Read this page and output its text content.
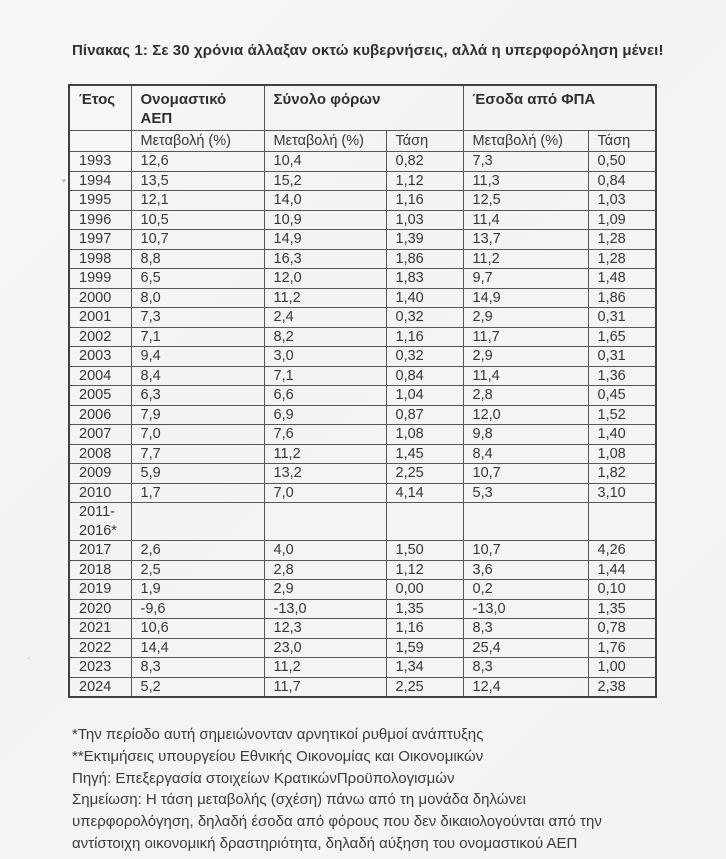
Πίνακας 1: Σε 30 χρόνια άλλαξαν οκτώ κυβερνήσεις, αλλά η υπερφορόληση μένει!
Έτος	Ονομαστικό ΑΕΠ	Σύνολο φόρων		Έσοδα από ΦΠΑ	
	Μεταβολή (%)	Μεταβολή (%)	Τάση	Μεταβολή (%)	Τάση
1993	12,6	10,4	0,82	7,3	0,50
1994	13,5	15,2	1,12	11,3	0,84
1995	12,1	14,0	1,16	12,5	1,03
1996	10,5	10,9	1,03	11,4	1,09
1997	10,7	14,9	1,39	13,7	1,28
1998	8,8	16,3	1,86	11,2	1,28
1999	6,5	12,0	1,83	9,7	1,48
2000	8,0	11,2	1,40	14,9	1,86
2001	7,3	2,4	0,32	2,9	0,31
2002	7,1	8,2	1,16	11,7	1,65
2003	9,4	3,0	0,32	2,9	0,31
2004	8,4	7,1	0,84	11,4	1,36
2005	6,3	6,6	1,04	2,8	0,45
2006	7,9	6,9	0,87	12,0	1,52
2007	7,0	7,6	1,08	9,8	1,40
2008	7,7	11,2	1,45	8,4	1,08
2009	5,9	13,2	2,25	10,7	1,82
2010	1,7	7,0	4,14	5,3	3,10
2011-2016*					
2017	2,6	4,0	1,50	10,7	4,26
2018	2,5	2,8	1,12	3,6	1,44
2019	1,9	2,9	0,00	0,2	0,10
2020	-9,6	-13,0	1,35	-13,0	1,35
2021	10,6	12,3	1,16	8,3	0,78
2022	14,4	23,0	1,59	25,4	1,76
2023	8,3	11,2	1,34	8,3	1,00
2024	5,2	11,7	2,25	12,4	2,38
*Την περίοδο αυτή σημειώνονταν αρνητικοί ρυθμοί ανάπτυξης
**Εκτιμήσεις υπουργείου Εθνικής Οικονομίας και Οικονομικών
Πηγή: Επεξεργασία στοιχείων ΚρατικώνΠροϋπολογισμών
Σημείωση: Η τάση μεταβολής (σχέση) πάνω από τη μονάδα δηλώνει
υπερφορολόγηση, δηλαδή έσοδα από φόρους που δεν δικαιολογούνται από την
αντίστοιχη οικονομική δραστηριότητα, δηλαδή αύξηση του ονομαστικού ΑΕΠ
